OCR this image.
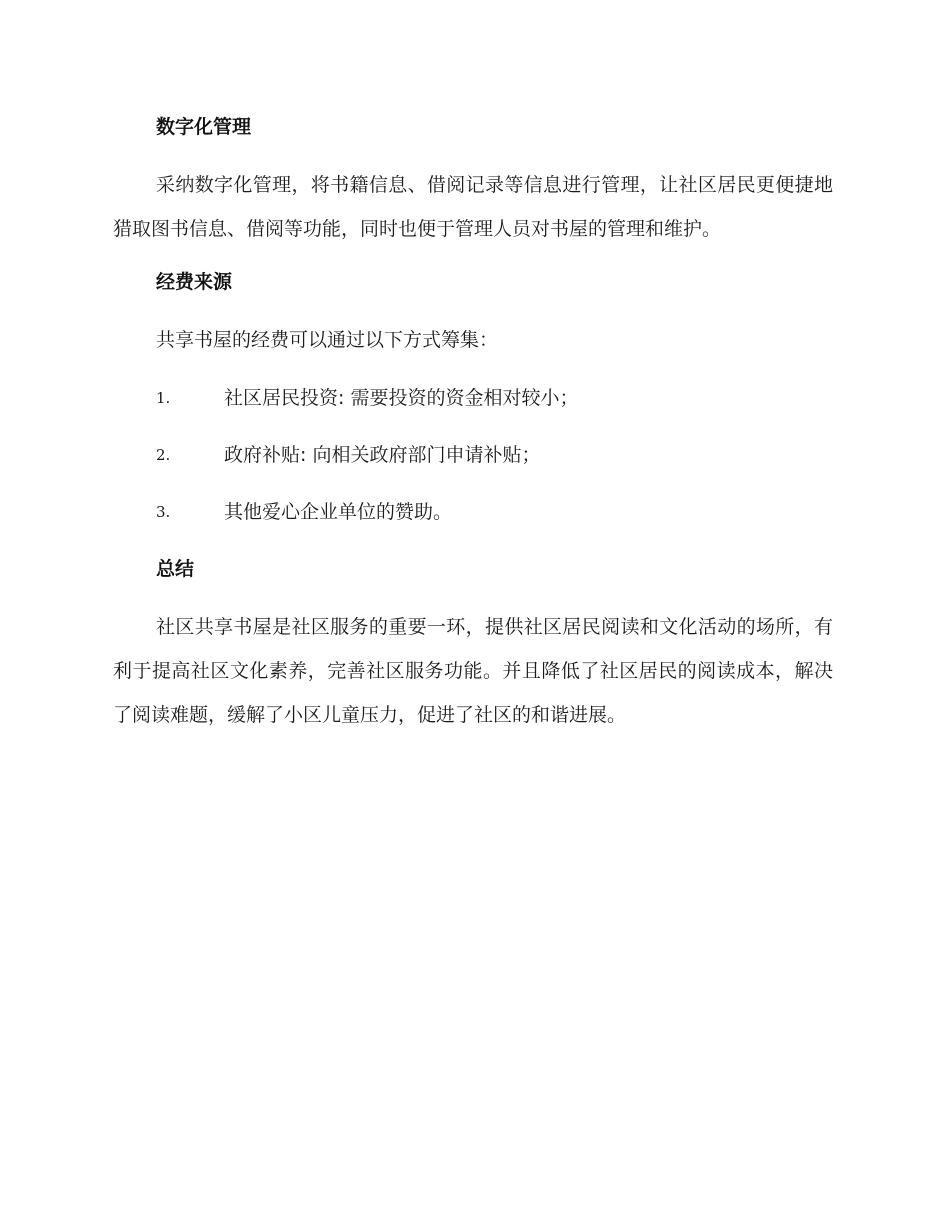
数字化管理

采纳数字化管理，将书籍信息、借阅记录等信息进行管理，让社区居民更便捷地猎取图书信息、借阅等功能，同时也便于管理人员对书屋的管理和维护。

经费来源
共享书屋的经费可以通过以下方式筹集：
1.	社区居民投资: 需要投资的资金相对较小；
2.	政府补贴: 向相关政府部门申请补贴；
3.	其他爱心企业单位的赞助。
总结

社区共享书屋是社区服务的重要一环，提供社区居民阅读和文化活动的场所，有利于提高社区文化素养，完善社区服务功能。并且降低了社区居民的阅读成本，解决了阅读难题，缓解了小区儿童压力，促进了社区的和谐进展。
